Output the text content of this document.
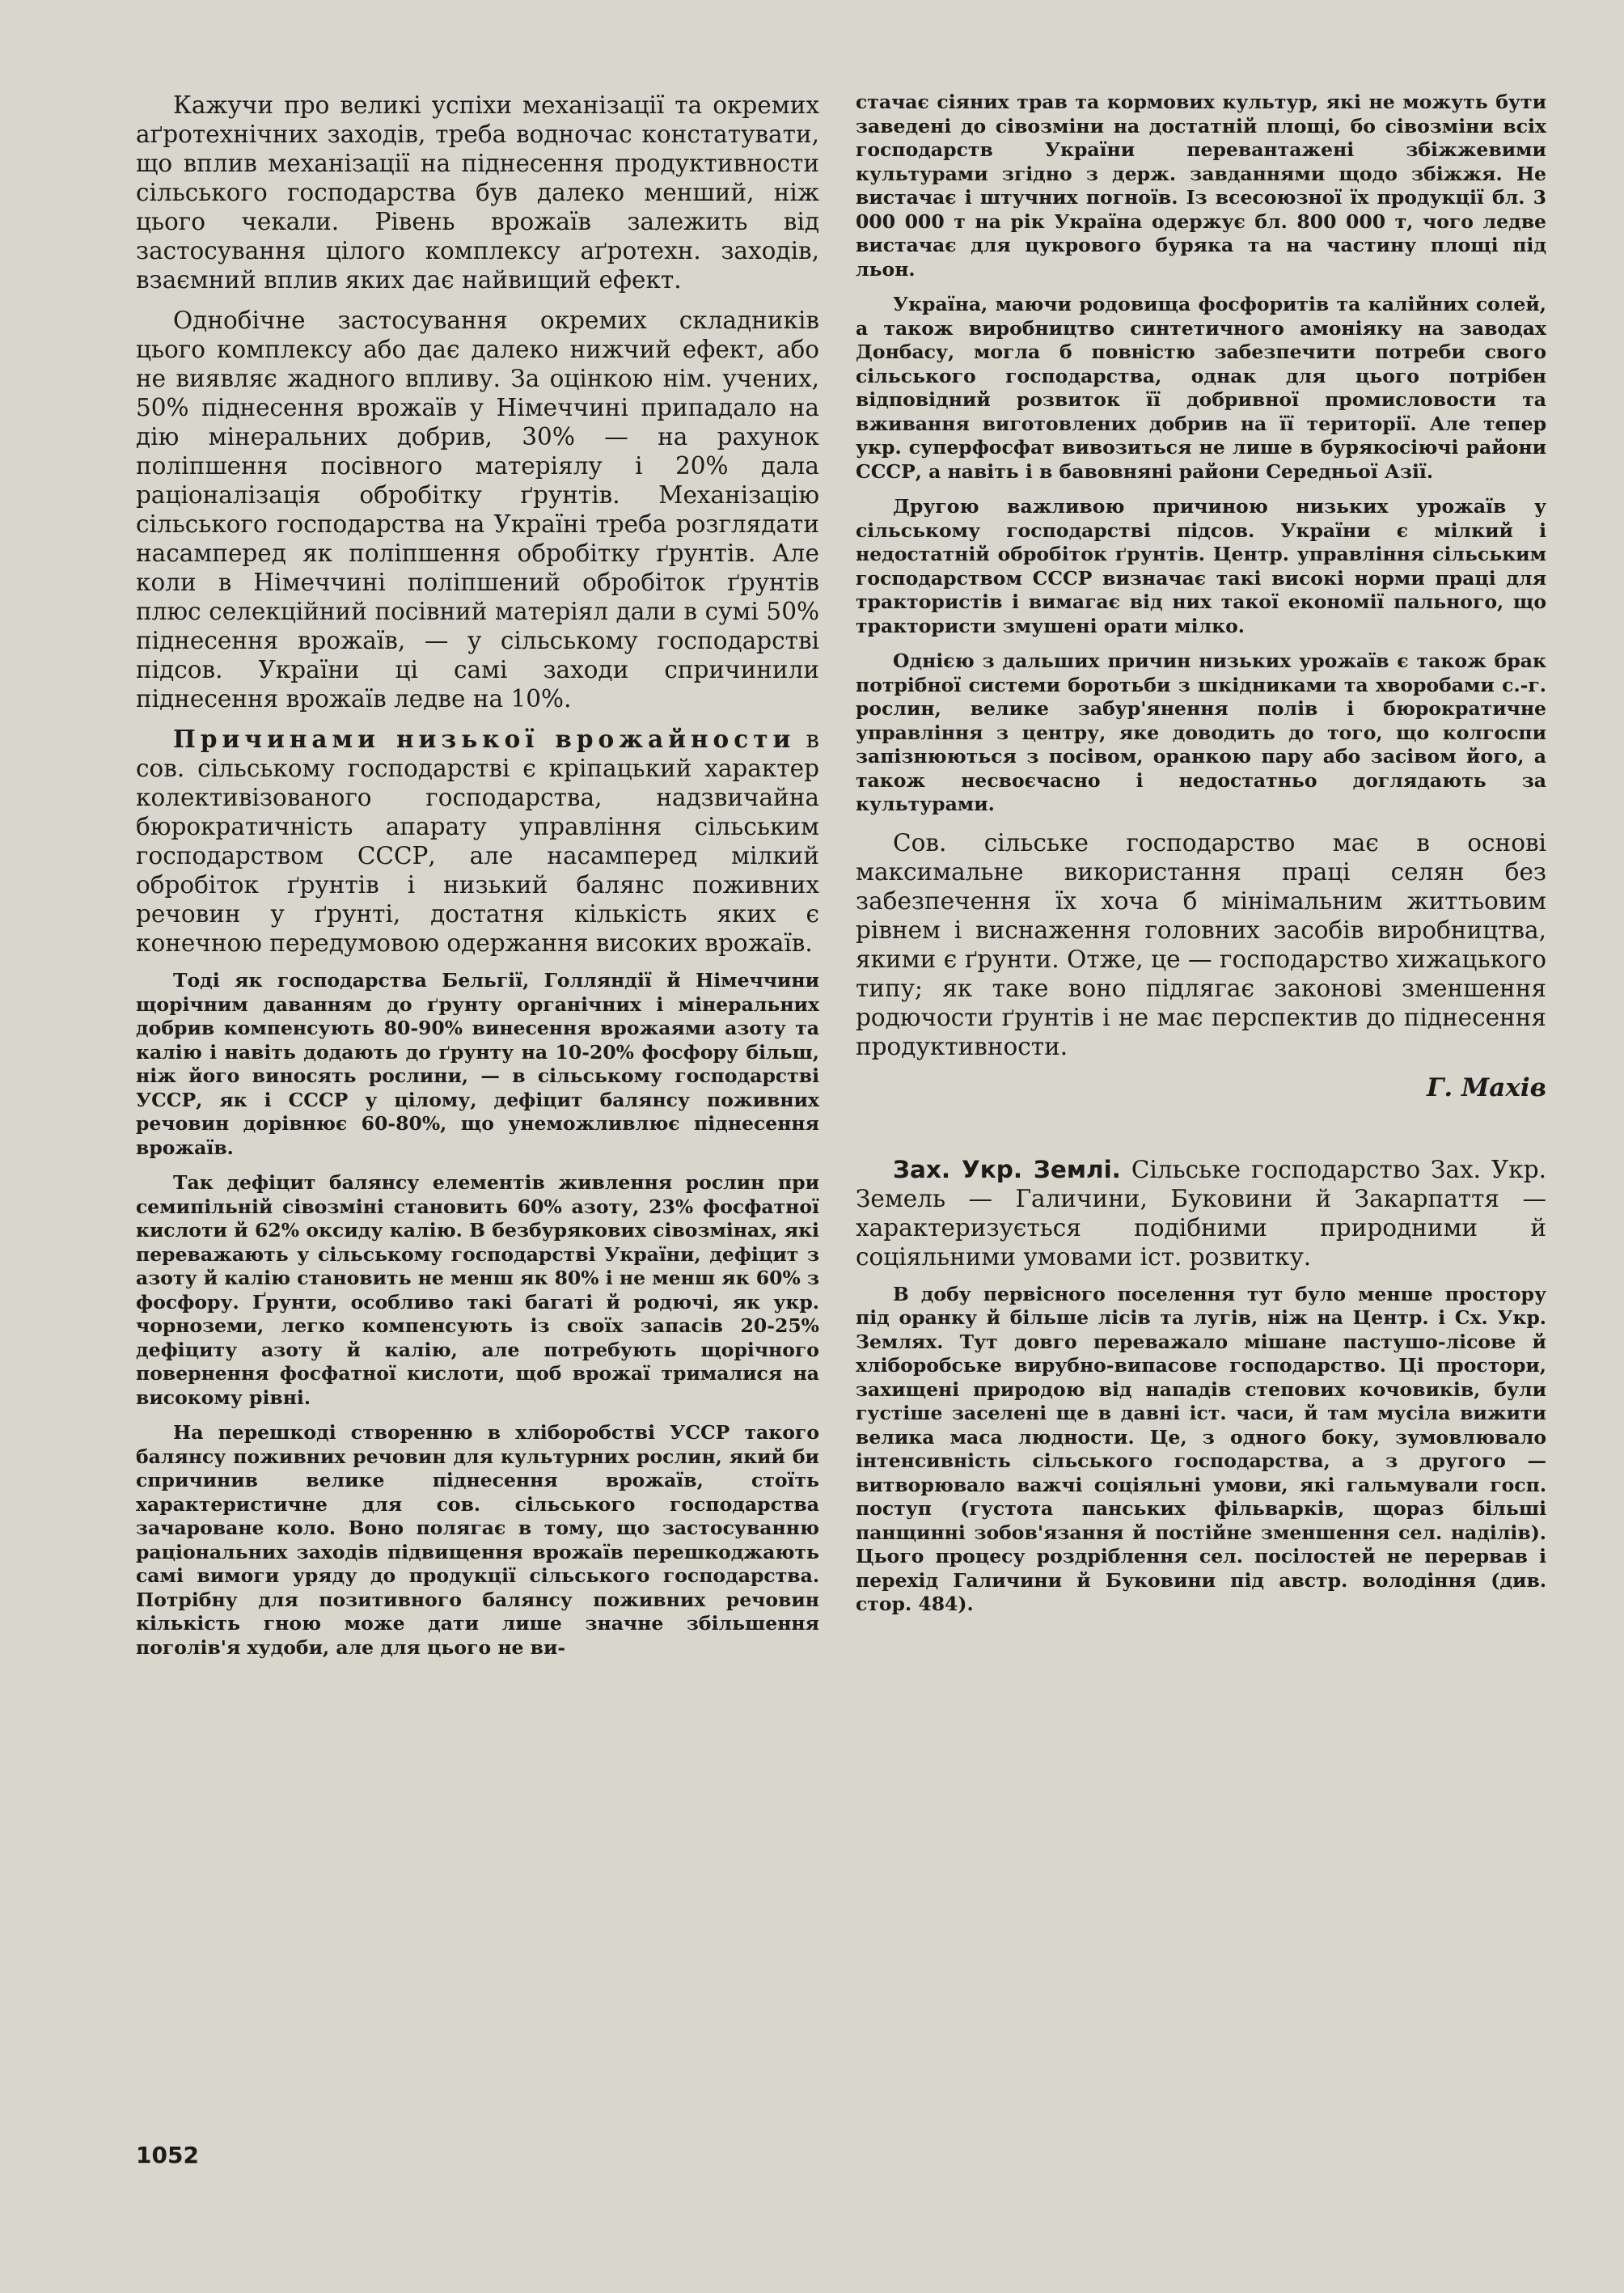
Кажучи про великі успіхи механізації та окремих аґротехнічних заходів, треба водночас констатувати, що вплив механізації на піднесення продуктивности сільського господарства був далеко менший, ніж цього чекали. Рівень врожаїв залежить від застосування цілого комплексу аґротехн. заходів, взаємний вплив яких дає найвищий ефект.

Однобічне застосування окремих складників цього комплексу або дає далеко нижчий ефект, або не виявляє жадного впливу. За оцінкою нім. учених, 50% піднесення врожаїв у Німеччині припадало на дію мінеральних добрив, 30% — на рахунок поліпшення посівного матеріялу і 20% дала раціоналізація обробітку ґрунтів. Механізацію сільського господарства на Україні треба розглядати насамперед як поліпшення обробітку ґрунтів. Але коли в Німеччині поліпшений обробіток ґрунтів плюс селекційний посівний матеріял дали в сумі 50% піднесення врожаїв, — у сільському господарстві підсов. України ці самі заходи спричинили піднесення врожаїв ледве на 10%.

Причинами низької врожайности в сов. сільському господарстві є кріпацький характер колективізованого господарства, надзвичайна бюрократичність апарату управління сільським господарством СССР, але насамперед мілкий обробіток ґрунтів і низький балянс поживних речовин у ґрунті, достатня кількість яких є конечною передумовою одержання високих врожаїв.

Тоді як господарства Бельгії, Голляндії й Німеччини щорічним даванням до ґрунту органічних і мінеральних добрив компенсують 80-90% винесення врожаями азоту та калію і навіть додають до ґрунту на 10-20% фосфору більш, ніж його виносять рослини, — в сільському господарстві УССР, як і СССР у цілому, дефіцит балянсу поживних речовин дорівнює 60-80%, що унеможливлює піднесення врожаїв.

Так дефіцит балянсу елементів живлення рослин при семипільній сівозміні становить 60% азоту, 23% фосфатної кислоти й 62% оксиду калію. В безбурякових сівозмінах, які переважають у сільському господарстві України, дефіцит з азоту й калію становить не менш як 80% і не менш як 60% з фосфору. Ґрунти, особливо такі багаті й родючі, як укр. чорноземи, легко компенсують із своїх запасів 20-25% дефіциту азоту й калію, але потребують щорічного повернення фосфатної кислоти, щоб врожаї трималися на високому рівні.

На перешкоді створенню в хліборобстві УССР такого балянсу поживних речовин для культурних рослин, який би спричинив велике піднесення врожаїв, стоїть характеристичне для сов. сільського господарства зачароване коло. Воно полягає в тому, що застосуванню раціональних заходів підвищення врожаїв перешкоджають самі вимоги уряду до продукції сільського господарства. Потрібну для позитивного балянсу поживних речовин кількість гною може дати лише значне збільшення поголів'я худоби, але для цього не ви-

стачає сіяних трав та кормових культур, які не можуть бути заведені до сівозміни на достатній площі, бо сівозміни всіх господарств України перевантажені збіжжевими культурами згідно з держ. завданнями щодо збіжжя. Не вистачає і штучних погноїв. Із всесоюзної їх продукції бл. 3 000 000 т на рік Україна одержує бл. 800 000 т, чого ледве вистачає для цукрового буряка та на частину площі під льон.

Україна, маючи родовища фосфоритів та калійних солей, а також виробництво синтетичного амоніяку на заводах Донбасу, могла б повністю забезпечити потреби свого сільського господарства, однак для цього потрібен відповідний розвиток її добривної промисловости та вживання виготовлених добрив на її території. Але тепер укр. суперфосфат вивозиться не лише в бурякосіючі райони СССР, а навіть і в бавовняні райони Середньої Азії.

Другою важливою причиною низьких урожаїв у сільському господарстві підсов. України є мілкий і недостатній обробіток ґрунтів. Центр. управління сільським господарством СССР визначає такі високі норми праці для трактористів і вимагає від них такої економії пального, що трактористи змушені орати мілко.

Однією з дальших причин низьких урожаїв є також брак потрібної системи боротьби з шкідниками та хворобами с.-г. рослин, велике забур'янення полів і бюрократичне управління з центру, яке доводить до того, що колгоспи запізнюються з посівом, оранкою пару або засівом його, а також несвоєчасно і недостатньо доглядають за культурами.

Сов. сільське господарство має в основі максимальне використання праці селян без забезпечення їх хоча б мінімальним життьовим рівнем і виснаження головних засобів виробництва, якими є ґрунти. Отже, це — господарство хижацького типу; як таке воно підлягає законові зменшення родючости ґрунтів і не має перспектив до піднесення продуктивности.

Г. Махів

Зах. Укр. Землі. Сільське господарство Зах. Укр. Земель — Галичини, Буковини й Закарпаття — характеризується подібними природними й соціяльними умовами іст. розвитку.

В добу первісного поселення тут було менше простору під оранку й більше лісів та лугів, ніж на Центр. і Сх. Укр. Землях. Тут довго переважало мішане пастушо-лісове й хліборобське вирубно-випасове господарство. Ці простори, захищені природою від нападів степових кочовиків, були густіше заселені ще в давні іст. часи, й там мусіла вижити велика маса людности. Це, з одного боку, зумовлювало інтенсивність сільського господарства, а з другого — витворювало важчі соціяльні умови, які гальмували госп. поступ (густота панських фільварків, щораз більші панщинні зобов'язання й постійне зменшення сел. наділів). Цього процесу роздріблення сел. посілостей не перервав і перехід Галичини й Буковини під австр. володіння (див. стор. 484).

1052
